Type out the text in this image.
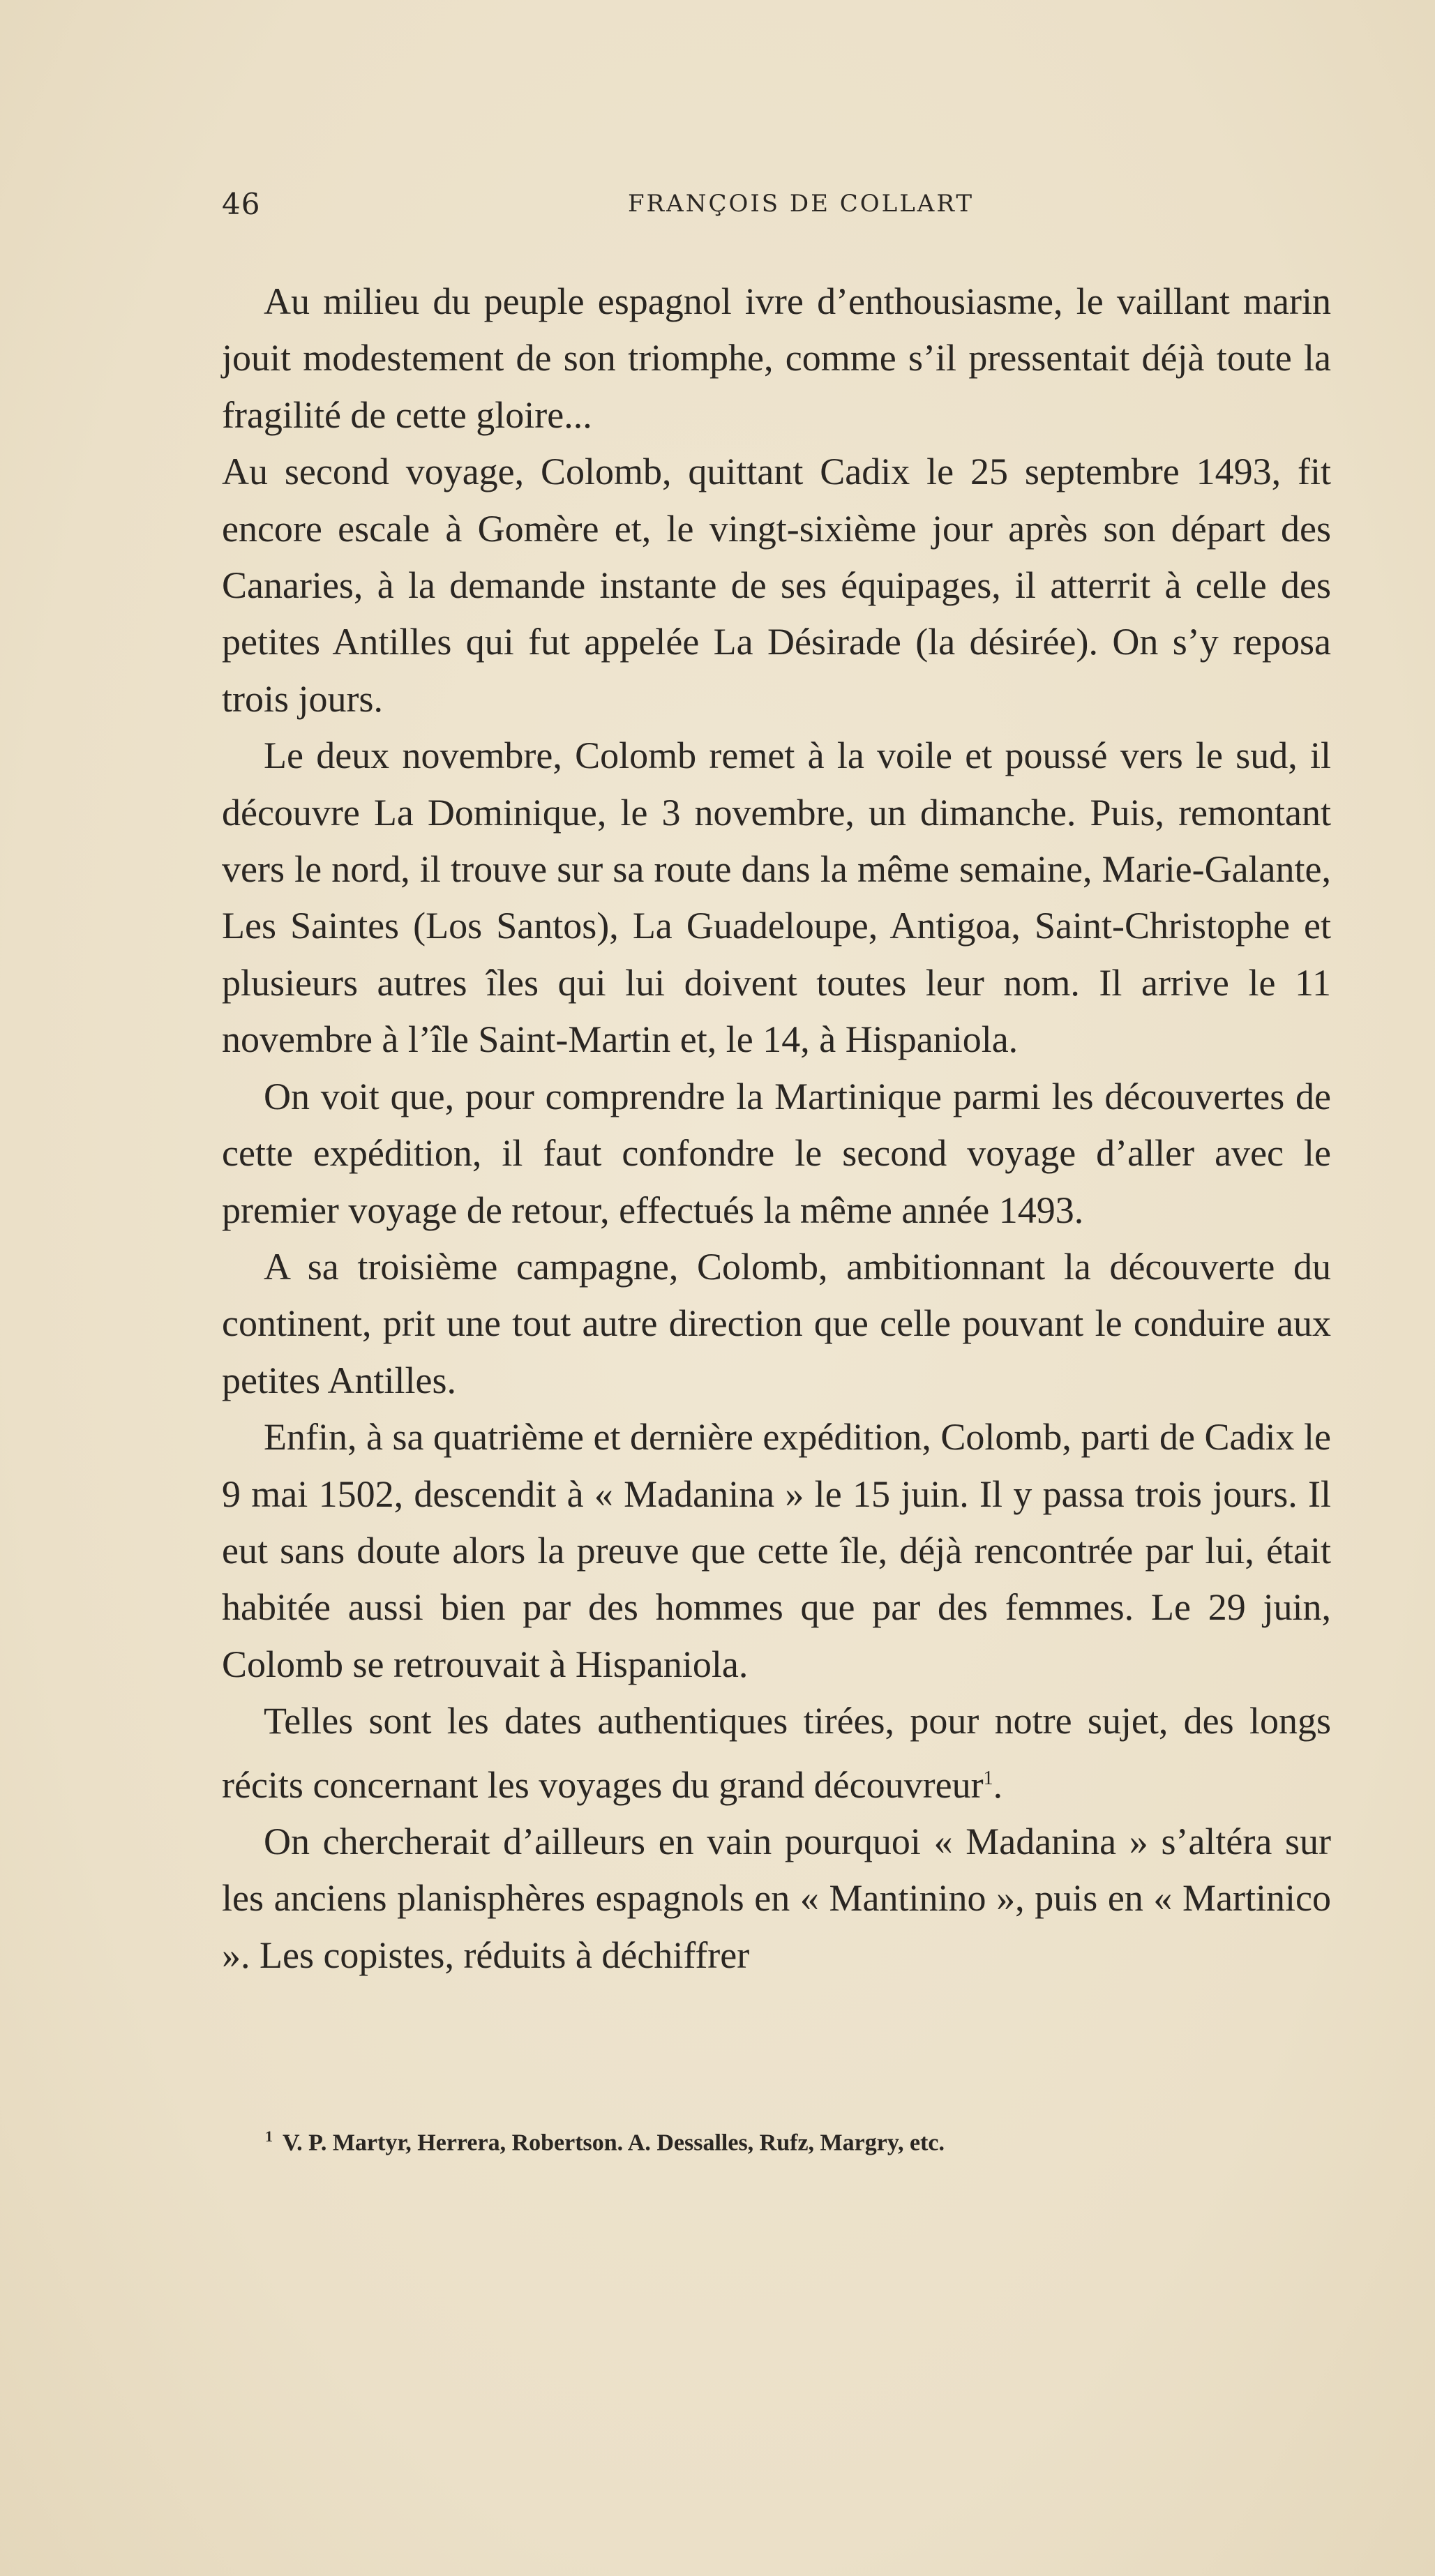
46	FRANÇOIS DE COLLART

Au milieu du peuple espagnol ivre d’enthousiasme, le vaillant marin jouit modestement de son triomphe, comme s’il pressentait déjà toute la fragilité de cette gloire...

Au second voyage, Colomb, quittant Cadix le 25 septembre 1493, fit encore escale à Gomère et, le vingt-sixième jour après son départ des Canaries, à la demande instante de ses équipages, il atterrit à celle des petites Antilles qui fut appelée La Désirade (la désirée). On s’y reposa trois jours.

Le deux novembre, Colomb remet à la voile et poussé vers le sud, il découvre La Dominique, le 3 novembre, un dimanche. Puis, remontant vers le nord, il trouve sur sa route dans la même semaine, Marie-Galante, Les Saintes (Los Santos), La Guadeloupe, Antigoa, Saint-Christophe et plusieurs autres îles qui lui doivent toutes leur nom. Il arrive le 11 novembre à l’île Saint-Martin et, le 14, à Hispaniola.

On voit que, pour comprendre la Martinique parmi les découvertes de cette expédition, il faut confondre le second voyage d’aller avec le premier voyage de retour, effectués la même année 1493.

A sa troisième campagne, Colomb, ambitionnant la découverte du continent, prit une tout autre direction que celle pouvant le conduire aux petites Antilles.

Enfin, à sa quatrième et dernière expédition, Colomb, parti de Cadix le 9 mai 1502, descendit à « Madanina » le 15 juin. Il y passa trois jours. Il eut sans doute alors la preuve que cette île, déjà rencontrée par lui, était habitée aussi bien par des hommes que par des femmes. Le 29 juin, Colomb se retrouvait à Hispaniola.

Telles sont les dates authentiques tirées, pour notre sujet, des longs récits concernant les voyages du grand découvreur$^1$.

On chercherait d’ailleurs en vain pourquoi « Madanina » s’altéra sur les anciens planisphères espagnols en « Mantinino », puis en « Martinico ». Les copistes, réduits à déchiffrer

$^1$ V. P. Martyr, Herrera, Robertson. A. Dessalles, Rufz, Margry, etc.
